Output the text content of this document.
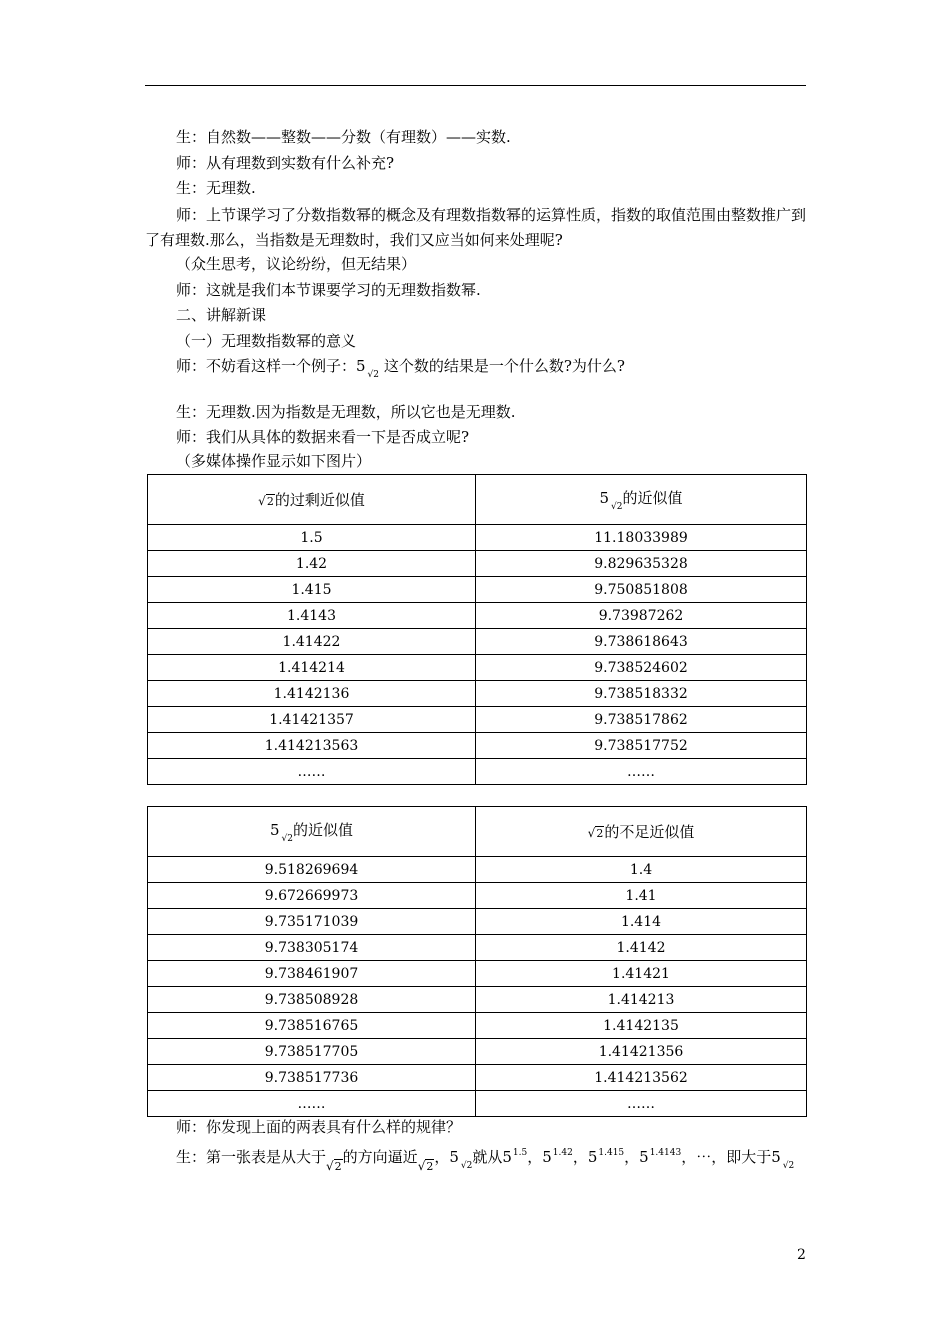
生：自然数——整数——分数（有理数）——实数.
师：从有理数到实数有什么补充?
生：无理数.
师：上节课学习了分数指数幂的概念及有理数指数幂的运算性质，指数的取值范围由整数推广到了有理数.那么，当指数是无理数时，我们又应当如何来处理呢?
（众生思考，议论纷纷，但无结果）
师：这就是我们本节课要学习的无理数指数幂.
二、讲解新课
（一）无理数指数幂的意义
师：不妨看这样一个例子：5 $_{√2}$ 这个数的结果是一个什么数?为什么?
生：无理数.因为指数是无理数，所以它也是无理数.
师：我们从具体的数据来看一下是否成立呢?
（多媒体操作显示如下图片）
√2的过剩近似值	5 $_{√2}$的近似值
1.5	11.18033989
1.42	9.829635328
1.415	9.750851808
1.4143	9.73987262
1.41422	9.738618643
1.414214	9.738524602
1.4142136	9.738518332
1.41421357	9.738517862
1.414213563	9.738517752
……	……
5 $_{√2}$的近似值	√2的不足近似值
9.518269694	1.4
9.672669973	1.41
9.735171039	1.414
9.738305174	1.4142
9.738461907	1.41421
9.738508928	1.414213
9.738516765	1.4142135
9.738517705	1.41421356
9.738517736	1.414213562
……	……
师：你发现上面的两表具有什么样的规律？
生：第一张表是从大于√2的方向逼近√2，5 $_{√2}$就从$5^{1.5}$，$5^{1.42}$，$5^{1.415}$，$5^{1.4143}$，⋯，即大于5 $_{√2}$
2
